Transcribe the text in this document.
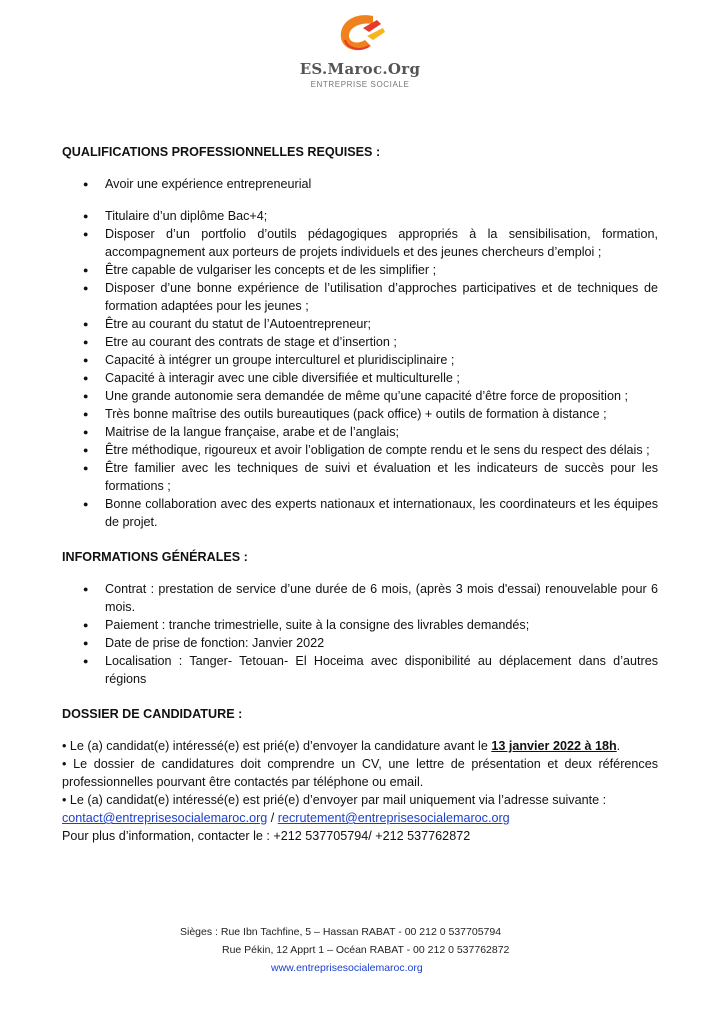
ES.Maroc.Org
ENTREPRISE SOCIALE
QUALIFICATIONS PROFESSIONNELLES REQUISES :
● Avoir une expérience entrepreneurial
● Titulaire d’un diplôme Bac+4;
● Disposer d’un portfolio d’outils pédagogiques appropriés à la sensibilisation, formation, accompagnement aux porteurs de projets individuels et des jeunes chercheurs d’emploi ;
● Être capable de vulgariser les concepts et de les simplifier ;
● Disposer d’une bonne expérience de l’utilisation d’approches participatives et de techniques de formation adaptées pour les jeunes ;
● Être au courant du statut de l’Autoentrepreneur;
● Etre au courant des contrats de stage et d’insertion ;
● Capacité à intégrer un groupe interculturel et pluridisciplinaire ;
● Capacité à interagir avec une cible diversifiée et multiculturelle ;
● Une grande autonomie sera demandée de même qu’une capacité d’être force de proposition ;
● Très bonne maîtrise des outils bureautiques (pack office) + outils de formation à distance ;
● Maitrise de la langue française, arabe et de l’anglais;
● Être méthodique, rigoureux et avoir l’obligation de compte rendu et le sens du respect des délais ;
● Être familier avec les techniques de suivi et évaluation et les indicateurs de succès pour les formations ;
● Bonne collaboration avec des experts nationaux et internationaux, les coordinateurs et les équipes de projet.
INFORMATIONS GÉNÉRALES :
● Contrat : prestation de service d’une durée de 6 mois, (après 3 mois d'essai) renouvelable pour 6 mois.
● Paiement : tranche trimestrielle, suite à la consigne des livrables demandés;
● Date de prise de fonction: Janvier 2022
● Localisation : Tanger- Tetouan- El Hoceima avec disponibilité au déplacement dans d’autres régions
DOSSIER DE CANDIDATURE :

• Le (a) candidat(e) intéressé(e) est prié(e) d’envoyer la candidature avant le 13 janvier 2022 à 18h.

• Le dossier de candidatures doit comprendre un CV, une lettre de présentation et deux références professionnelles pourvant être contactés par téléphone ou email.

• Le (a) candidat(e) intéressé(e) est prié(e) d’envoyer par mail uniquement via l’adresse suivante :

contact@entreprisesocialemaroc.org / recrutement@entreprisesocialemaroc.org

Pour plus d’information, contacter le : +212 537705794/ +212 537762872

Sièges : Rue Ibn Tachfine, 5 – Hassan RABAT - 00 212 0 537705794
Rue Pékin, 12 Apprt 1 – Océan RABAT - 00 212 0 537762872
www.entreprisesocialemaroc.org
